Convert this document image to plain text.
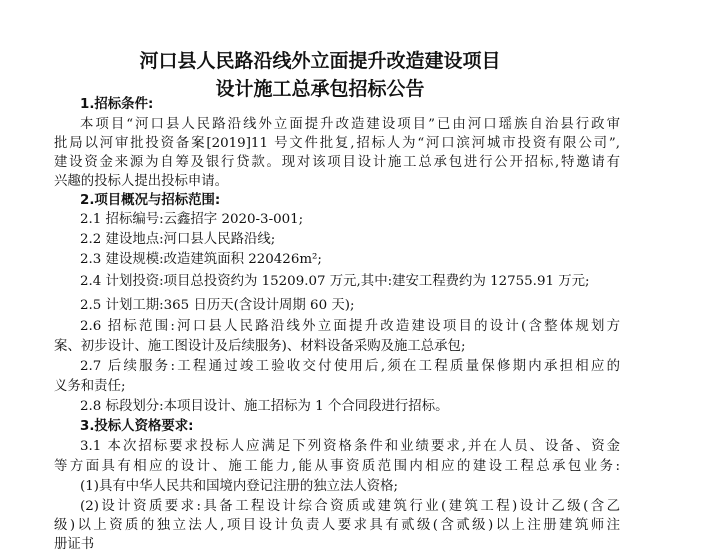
河口县人民路沿线外立面提升改造建设项目
设计施工总承包招标公告
1.招标条件:
本项目“河口县人民路沿线外立面提升改造建设项目”已由河口瑶族自治县行政审
批局以河审批投资备案[2019]11 号文件批复,招标人为“河口滨河城市投资有限公司”,
建设资金来源为自筹及银行贷款。现对该项目设计施工总承包进行公开招标,特邀请有
兴趣的投标人提出投标申请。
2.项目概况与招标范围:
2.1 招标编号:云鑫招字 2020-3-001;
2.2 建设地点:河口县人民路沿线;
2.3 建设规模:改造建筑面积 220426m²;
2.4 计划投资:项目总投资约为 15209.07 万元,其中:建安工程费约为 12755.91 万元;
2.5 计划工期:365 日历天(含设计周期 60 天);
2.6 招标范围:河口县人民路沿线外立面提升改造建设项目的设计(含整体规划方
案、初步设计、施工图设计及后续服务)、材料设备采购及施工总承包;
2.7 后续服务:工程通过竣工验收交付使用后,须在工程质量保修期内承担相应的
义务和责任;
2.8 标段划分:本项目设计、施工招标为 1 个合同段进行招标。
3.投标人资格要求:
3.1 本次招标要求投标人应满足下列资格条件和业绩要求,并在人员、设备、资金
等方面具有相应的设计、施工能力,能从事资质范围内相应的建设工程总承包业务:
(1)具有中华人民共和国境内登记注册的独立法人资格;
(2)设计资质要求:具备工程设计综合资质或建筑行业(建筑工程)设计乙级(含乙
级)以上资质的独立法人,项目设计负责人要求具有贰级(含贰级)以上注册建筑师注
册证书
